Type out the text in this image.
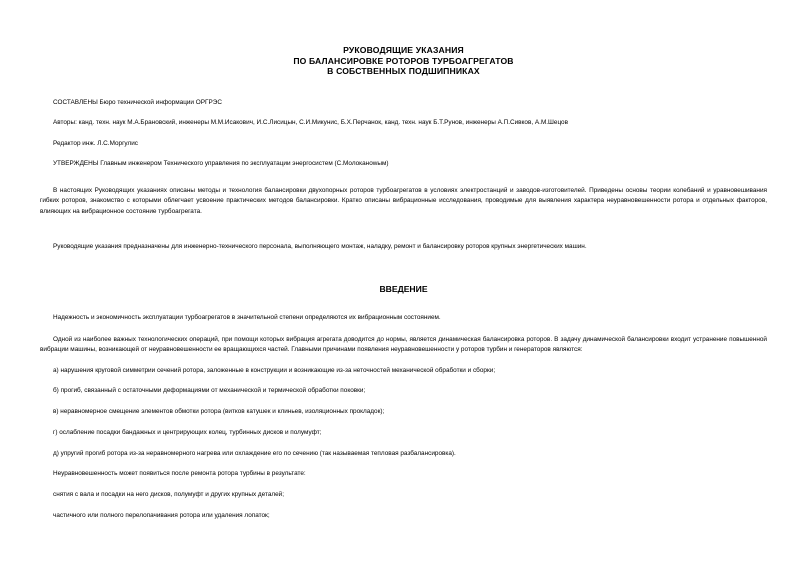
РУКОВОДЯЩИЕ УКАЗАНИЯ
ПО БАЛАНСИРОВКЕ РОТОРОВ ТУРБОАГРЕГАТОВ
В СОБСТВЕННЫХ ПОДШИПНИКАХ
СОСТАВЛЕНЫ Бюро технической информации ОРГРЭС
Авторы: канд. техн. наук М.А.Брановский, инженеры М.М.Исакович, И.С.Лисицын, С.И.Микунис, Б.Х.Перчанок, канд. техн. наук Б.Т.Рунов, инженеры А.П.Сивков, А.М.Шецов
Редактор инж. Л.С.Моргулис
УТВЕРЖДЕНЫ Главным инженером Технического управления по эксплуатации энергосистем (С.Молоканowым)
В настоящих Руководящих указаниях описаны методы и технология балансировки двухопорных роторов турбоагрегатов в условиях электростанций и заводов-изготовителей. Приведены основы теории колебаний и уравновешивания гибких роторов, знакомство с которыми облегчает усвоение практических методов балансировки. Кратко описаны вибрационные исследования, проводимые для выявления характера неуравновешенности ротора и отдельных факторов, влияющих на вибрационное состояние турбоагрегата.
Руководящие указания предназначены для инженерно-технического персонала, выполняющего монтаж, наладку, ремонт и балансировку роторов крупных энергетических машин.
ВВЕДЕНИЕ
Надежность и экономичность эксплуатации турбоагрегатов в значительной степени определяются их вибрационным состоянием.
Одной из наиболее важных технологических операций, при помощи которых вибрация агрегата доводится до нормы, является динамическая балансировка роторов. В задачу динамической балансировки входит устранение повышенной вибрации машины, возникающей от неуравновешенности ее вращающихся частей. Главными причинами появления неуравновешенности у роторов турбин и генераторов являются:
а) нарушения круговой симметрии сечений ротора, заложенные в конструкции и возникающие из-за неточностей механической обработки и сборки;
б) прогиб, связанный с остаточными деформациями от механической и термической обработки поковки;
в) неравномерное смещение элементов обмотки ротора (витков катушек и клиньев, изоляционных прокладок);
г) ослабление посадки бандажных и центрирующих колец, турбинных дисков и полумуфт;
д) упругий прогиб ротора из-за неравномерного нагрева или охлаждение его по сечению (так называемая тепловая разбалансировка).
Неуравновешенность может появиться после ремонта ротора турбины в результате:
снятия с вала и посадки на него дисков, полумуфт и других крупных деталей;
частичного или полного перелопачивания ротора или удаления лопаток;
